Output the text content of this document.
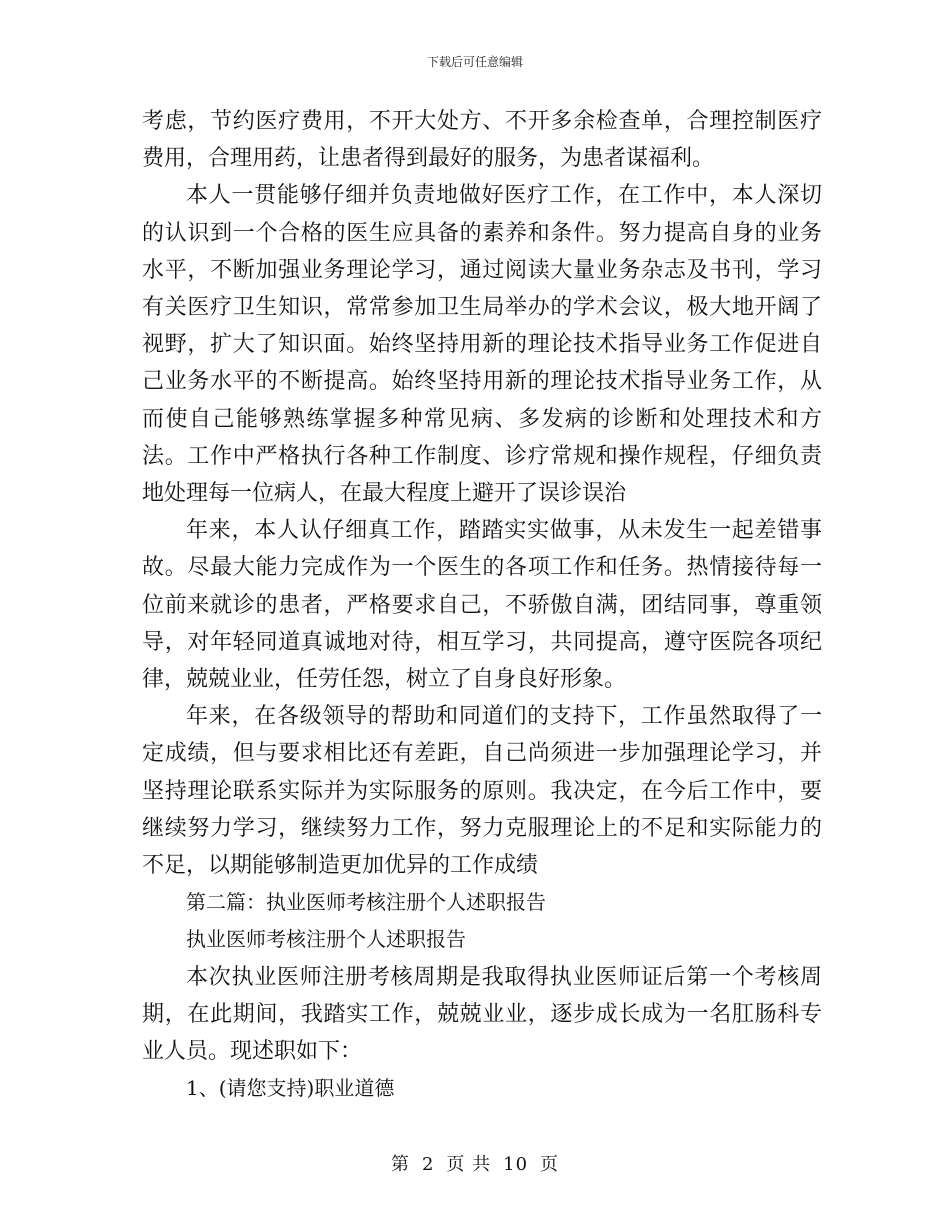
下载后可任意编辑

考虑，节约医疗费用，不开大处方、不开多余检查单，合理控制医疗费用，合理用药，让患者得到最好的服务，为患者谋福利。

本人一贯能够仔细并负责地做好医疗工作，在工作中，本人深切的认识到一个合格的医生应具备的素养和条件。努力提高自身的业务水平，不断加强业务理论学习，通过阅读大量业务杂志及书刊，学习有关医疗卫生知识，常常参加卫生局举办的学术会议，极大地开阔了视野，扩大了知识面。始终坚持用新的理论技术指导业务工作促进自己业务水平的不断提高。始终坚持用新的理论技术指导业务工作，从而使自己能够熟练掌握多种常见病、多发病的诊断和处理技术和方法。工作中严格执行各种工作制度、诊疗常规和操作规程，仔细负责地处理每一位病人，在最大程度上避开了误诊误治

年来，本人认仔细真工作，踏踏实实做事，从未发生一起差错事故。尽最大能力完成作为一个医生的各项工作和任务。热情接待每一位前来就诊的患者，严格要求自己，不骄傲自满，团结同事，尊重领导，对年轻同道真诚地对待，相互学习，共同提高，遵守医院各项纪律，兢兢业业，任劳任怨，树立了自身良好形象。

年来，在各级领导的帮助和同道们的支持下，工作虽然取得了一定成绩，但与要求相比还有差距，自己尚须进一步加强理论学习，并坚持理论联系实际并为实际服务的原则。我决定，在今后工作中，要继续努力学习，继续努力工作，努力克服理论上的不足和实际能力的不足，以期能够制造更加优异的工作成绩

第二篇：执业医师考核注册个人述职报告

执业医师考核注册个人述职报告

本次执业医师注册考核周期是我取得执业医师证后第一个考核周期，在此期间，我踏实工作，兢兢业业，逐步成长成为一名肛肠科专业人员。现述职如下：

1、(请您支持)职业道德

第 2 页 共 10 页
